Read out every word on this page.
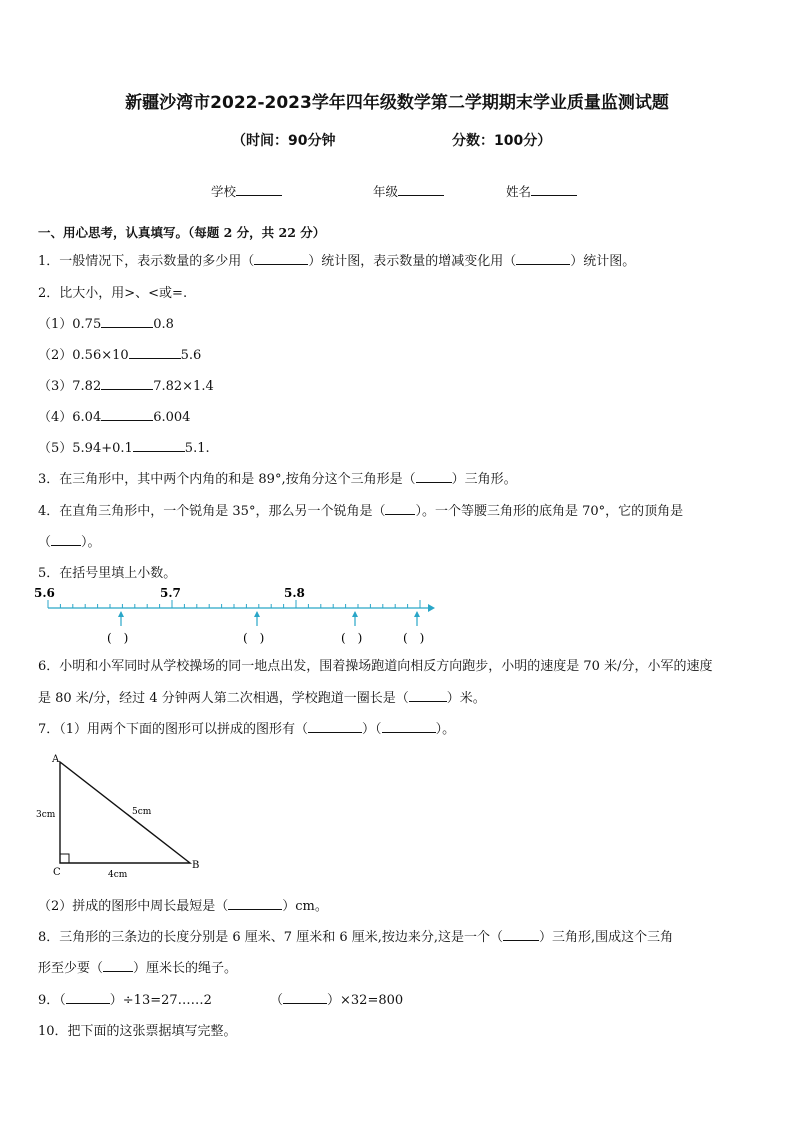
新疆沙湾市2022-2023学年四年级数学第二学期期末学业质量监测试题
（时间：90分钟	分数：100分）
学校	年级	姓名
一、用心思考，认真填写。（每题 2 分，共 22 分）
1．一般情况下，表示数量的多少用（	）统计图，表示数量的增减变化用（	）统计图。
2．比大小，用>、<或=.
（1）0.75	0.8
（2）0.56×10	5.6
（3）7.82	7.82×1.4
（4）6.04	6.004
（5）5.94+0.1	5.1.
3．在三角形中，其中两个内角的和是 89°,按角分这个三角形是（	）三角形。
4．在直角三角形中，一个锐角是 35°，那么另一个锐角是（ ）。一个等腰三角形的底角是 70°，它的顶角是
（ ）。
5．在括号里填上小数。
5.6	5.7	5.8
(　)	(　)	(　)	(　)
6．小明和小军同时从学校操场的同一地点出发，围着操场跑道向相反方向跑步，小明的速度是 70 米/分，小军的速度
是 80 米/分，经过 4 分钟两人第二次相遇，学校跑道一圈长是（	）米。
7．（1）用两个下面的图形可以拼成的图形有（	）（	）。
A
B
C
3cm	5cm
4cm
（2）拼成的图形中周长最短是（	）cm。
8．三角形的三条边的长度分别是 6 厘米、7 厘米和 6 厘米,按边来分,这是一个（	）三角形,围成这个三角
形至少要（ ）厘米长的绳子。
9．（	）÷13=27……2	（	）×32=800
10．把下面的这张票据填写完整。
